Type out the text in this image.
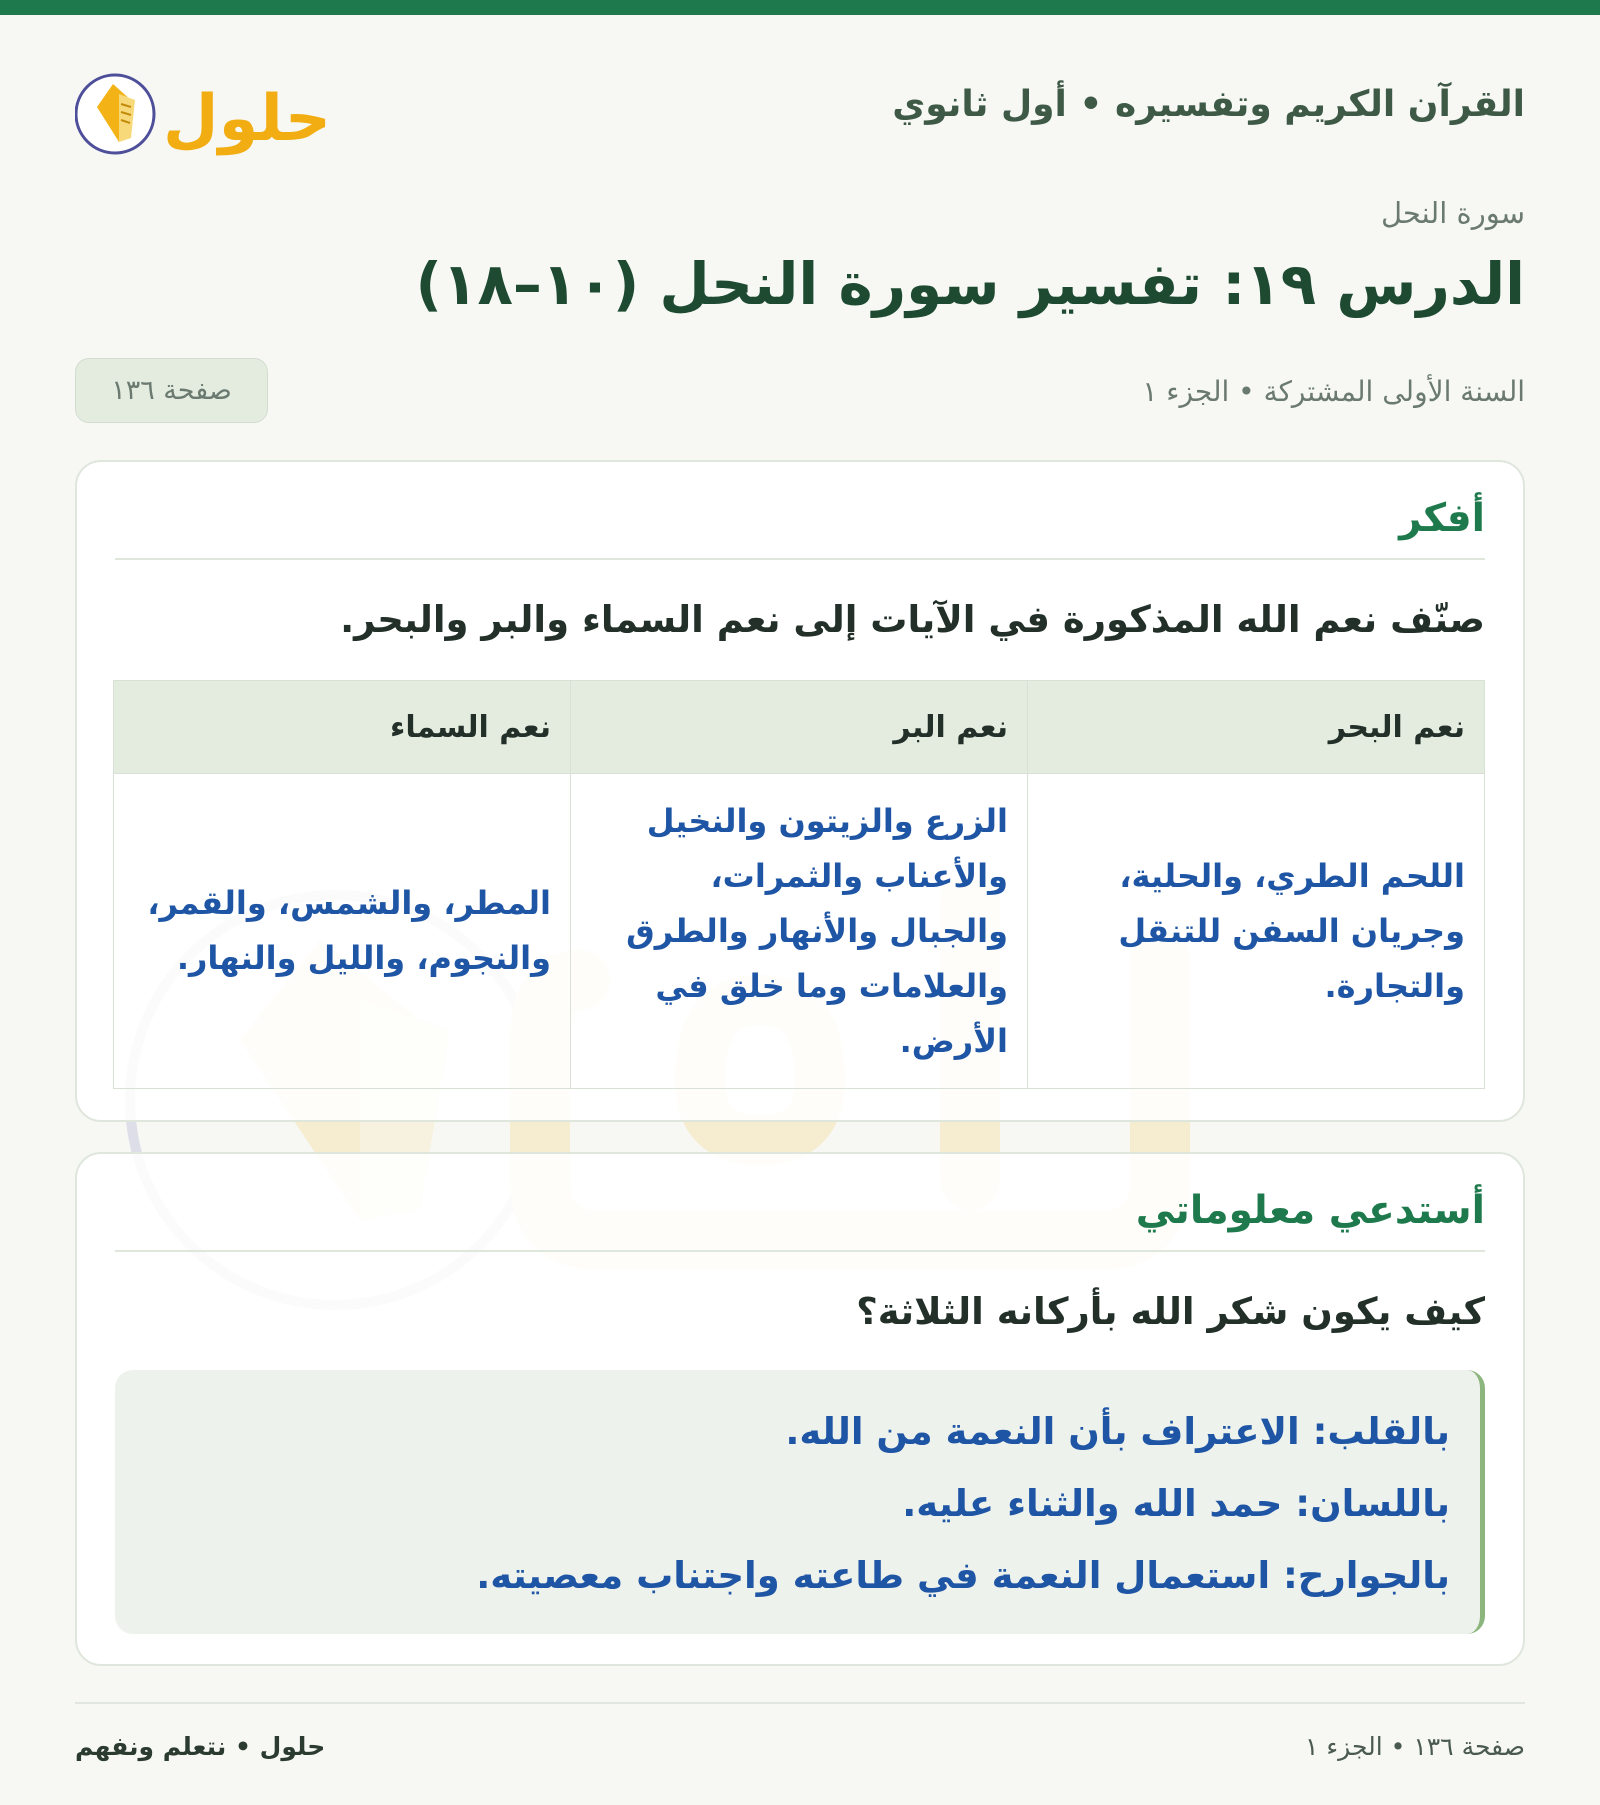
القرآن الكريم وتفسيره • أول ثانوي
حلول
سورة النحل
الدرس ١٩: تفسير سورة النحل (١٠–١٨)
السنة الأولى المشتركة • الجزء ١
صفحة ١٣٦
أفكر
صنّف نعم الله المذكورة في الآيات إلى نعم السماء والبر والبحر.
نعم البحر	نعم البر	نعم السماء
اللحم الطري، والحلية، وجريان السفن للتنقل والتجارة.	الزرع والزيتون والنخيل والأعناب والثمرات، والجبال والأنهار والطرق والعلامات وما خلق في الأرض.	المطر، والشمس، والقمر، والنجوم، والليل والنهار.
أستدعي معلوماتي
كيف يكون شكر الله بأركانه الثلاثة؟
بالقلب: الاعتراف بأن النعمة من الله.
باللسان: حمد الله والثناء عليه.
بالجوارح: استعمال النعمة في طاعته واجتناب معصيته.
صفحة ١٣٦ • الجزء ١
حلول • نتعلم ونفهم
